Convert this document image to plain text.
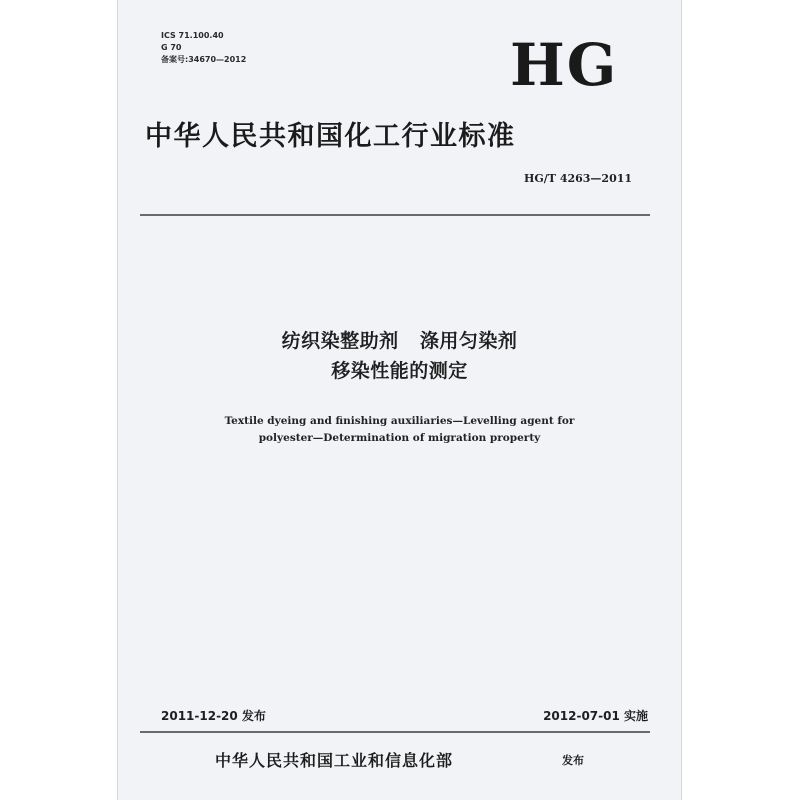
ICS 71.100.40
G 70
备案号:34670—2012	HG
中华人民共和国化工行业标准
HG/T 4263—2011
纺织染整助剂   涤用匀染剂
移染性能的测定
Textile dyeing and finishing auxiliaries—Levelling agent for
polyester—Determination of migration property
2011-12-20 发布	2012-07-01 实施
中华人民共和国工业和信息化部	发布
